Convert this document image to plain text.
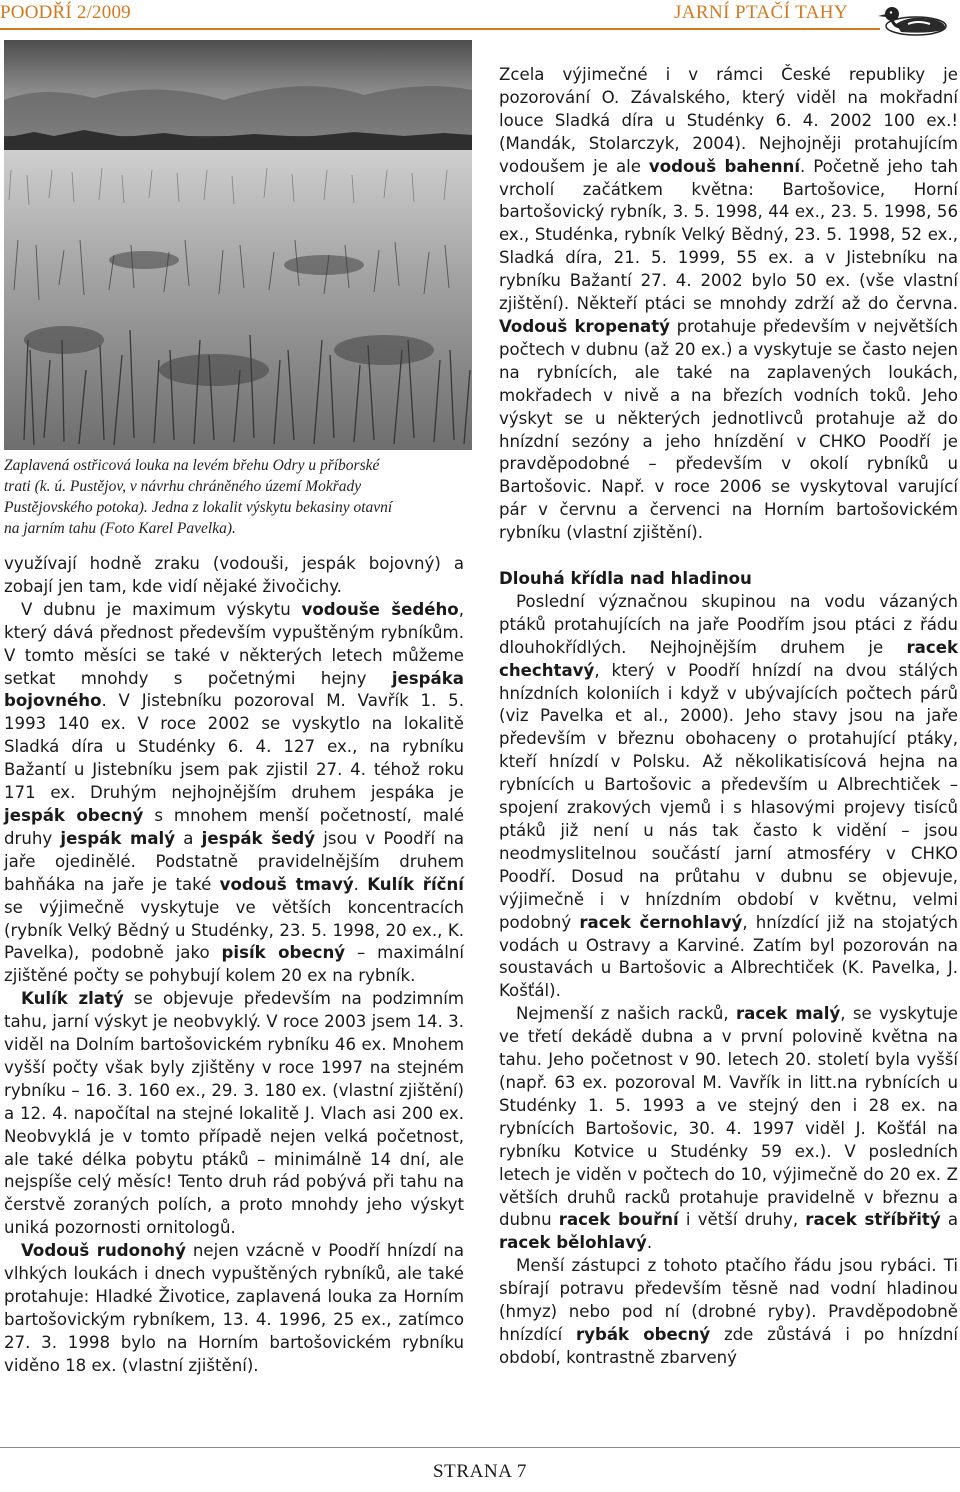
POODŘÍ 2/2009	JARNÍ PTAČÍ TAHY

Zaplavená ostřicová louka na levém břehu Odry u příborské

trati (k. ú. Pustějov, v návrhu chráněného území Mokřady

Pustějovského potoka). Jedna z lokalit výskytu bekasiny otavní

na jarním tahu (Foto Karel Pavelka).

využívají hodně zraku (vodouši, jespák bojovný) a zobají jen tam, kde vidí nějaké živočichy.

V dubnu je maximum výskytu vodouše šedého, který dává přednost především vypuštěným rybníkům. V tomto měsíci se také v některých letech můžeme setkat mnohdy s početnými hejny jespáka bojovného. V Jistebníku pozoroval M. Vavřík 1. 5. 1993 140 ex. V roce 2002 se vyskytlo na lokalitě Sladká díra u Studénky 6. 4. 127 ex., na rybníku Bažantí u Jistebníku jsem pak zjistil 27. 4. téhož roku 171 ex. Druhým nejhojnějším druhem jespáka je jespák obecný s mnohem menší početností, malé druhy jespák malý a jespák šedý jsou v Poodří na jaře ojedinělé. Podstatně pravidelnějším druhem bahňáka na jaře je také vodouš tmavý. Kulík říční se výjimečně vyskytuje ve větších koncentracích (rybník Velký Bědný u Studénky, 23. 5. 1998, 20 ex., K. Pavelka), podobně jako pisík obecný – maximální zjištěné počty se pohybují kolem 20 ex na rybník.

Kulík zlatý se objevuje především na podzimním tahu, jarní výskyt je neobvyklý. V roce 2003 jsem 14. 3. viděl na Dolním bartošovickém rybníku 46 ex. Mnohem vyšší počty však byly zjištěny v roce 1997 na stejném rybníku – 16. 3. 160 ex., 29. 3. 180 ex. (vlastní zjištění) a 12. 4. napočítal na stejné lokalitě J. Vlach asi 200 ex. Neobvyklá je v tomto případě nejen velká početnost, ale také délka pobytu ptáků – minimálně 14 dní, ale nejspíše celý měsíc! Tento druh rád pobývá při tahu na čerstvě zoraných polích, a proto mnohdy jeho výskyt uniká pozornosti ornitologů.

Vodouš rudonohý nejen vzácně v Poodří hnízdí na vlhkých loukách i dnech vypuštěných rybníků, ale také protahuje: Hladké Životice, zaplavená louka za Horním bartošovickým rybníkem, 13. 4. 1996, 25 ex., zatímco 27. 3. 1998 bylo na Horním bartošovickém rybníku viděno 18 ex. (vlastní zjištění).

Zcela výjimečné i v rámci České republiky je pozorování O. Závalského, který viděl na mokřadní louce Sladká díra u Studénky 6. 4. 2002 100 ex.! (Mandák, Stolarczyk, 2004). Nejhojněji protahujícím vodoušem je ale vodouš bahenní. Početně jeho tah vrcholí začátkem května: Bartošovice, Horní bartošovický rybník, 3. 5. 1998, 44 ex., 23. 5. 1998, 56 ex., Studénka, rybník Velký Bědný, 23. 5. 1998, 52 ex., Sladká díra, 21. 5. 1999, 55 ex. a v Jistebníku na rybníku Bažantí 27. 4. 2002 bylo 50 ex. (vše vlastní zjištění). Někteří ptáci se mnohdy zdrží až do června. Vodouš kropenatý protahuje především v největších počtech v dubnu (až 20 ex.) a vyskytuje se často nejen na rybnících, ale také na zaplavených loukách, mokřadech v nivě a na březích vodních toků. Jeho výskyt se u některých jednotlivců protahuje až do hnízdní sezóny a jeho hnízdění v CHKO Poodří je pravděpodobné – především v okolí rybníků u Bartošovic. Např. v roce 2006 se vyskytoval varující pár v červnu a červenci na Horním bartošovickém rybníku (vlastní zjištění).

Dlouhá křídla nad hladinou

Poslední význačnou skupinou na vodu vázaných ptáků protahujících na jaře Poodřím jsou ptáci z řádu dlouhokřídlých. Nejhojnějším druhem je racek chechtavý, který v Poodří hnízdí na dvou stálých hnízdních koloniích i když v ubývajících počtech párů (viz Pavelka et al., 2000). Jeho stavy jsou na jaře především v březnu obohaceny o protahující ptáky, kteří hnízdí v Polsku. Až několikatisícová hejna na rybnících u Bartošovic a především u Albrechtiček – spojení zrakových vjemů i s hlasovými projevy tisíců ptáků již není u nás tak často k vidění – jsou neodmyslitelnou součástí jarní atmosféry v CHKO Poodří. Dosud na průtahu v dubnu se objevuje, výjimečně i v hnízdním období v květnu, velmi podobný racek černohlavý, hnízdící již na stojatých vodách u Ostravy a Karviné. Zatím byl pozorován na soustavách u Bartošovic a Albrechtiček (K. Pavelka, J. Košťál).

Nejmenší z našich racků, racek malý, se vyskytuje ve třetí dekádě dubna a v první polovině května na tahu. Jeho početnost v 90. letech 20. století byla vyšší (např. 63 ex. pozoroval M. Vavřík in litt.na rybnících u Studénky 1. 5. 1993 a ve stejný den i 28 ex. na rybnících Bartošovic, 30. 4. 1997 viděl J. Košťál na rybníku Kotvice u Studénky 59 ex.). V posledních letech je viděn v počtech do 10, výjimečně do 20 ex. Z větších druhů racků protahuje pravidelně v březnu a dubnu racek bouřní i větší druhy, racek stříbřitý a racek bělohlavý.

Menší zástupci z tohoto ptačího řádu jsou rybáci. Ti sbírají potravu především těsně nad vodní hladinou (hmyz) nebo pod ní (drobné ryby). Pravděpodobně hnízdící rybák obecný zde zůstává i po hnízdní období, kontrastně zbarvený

STRANA 7
